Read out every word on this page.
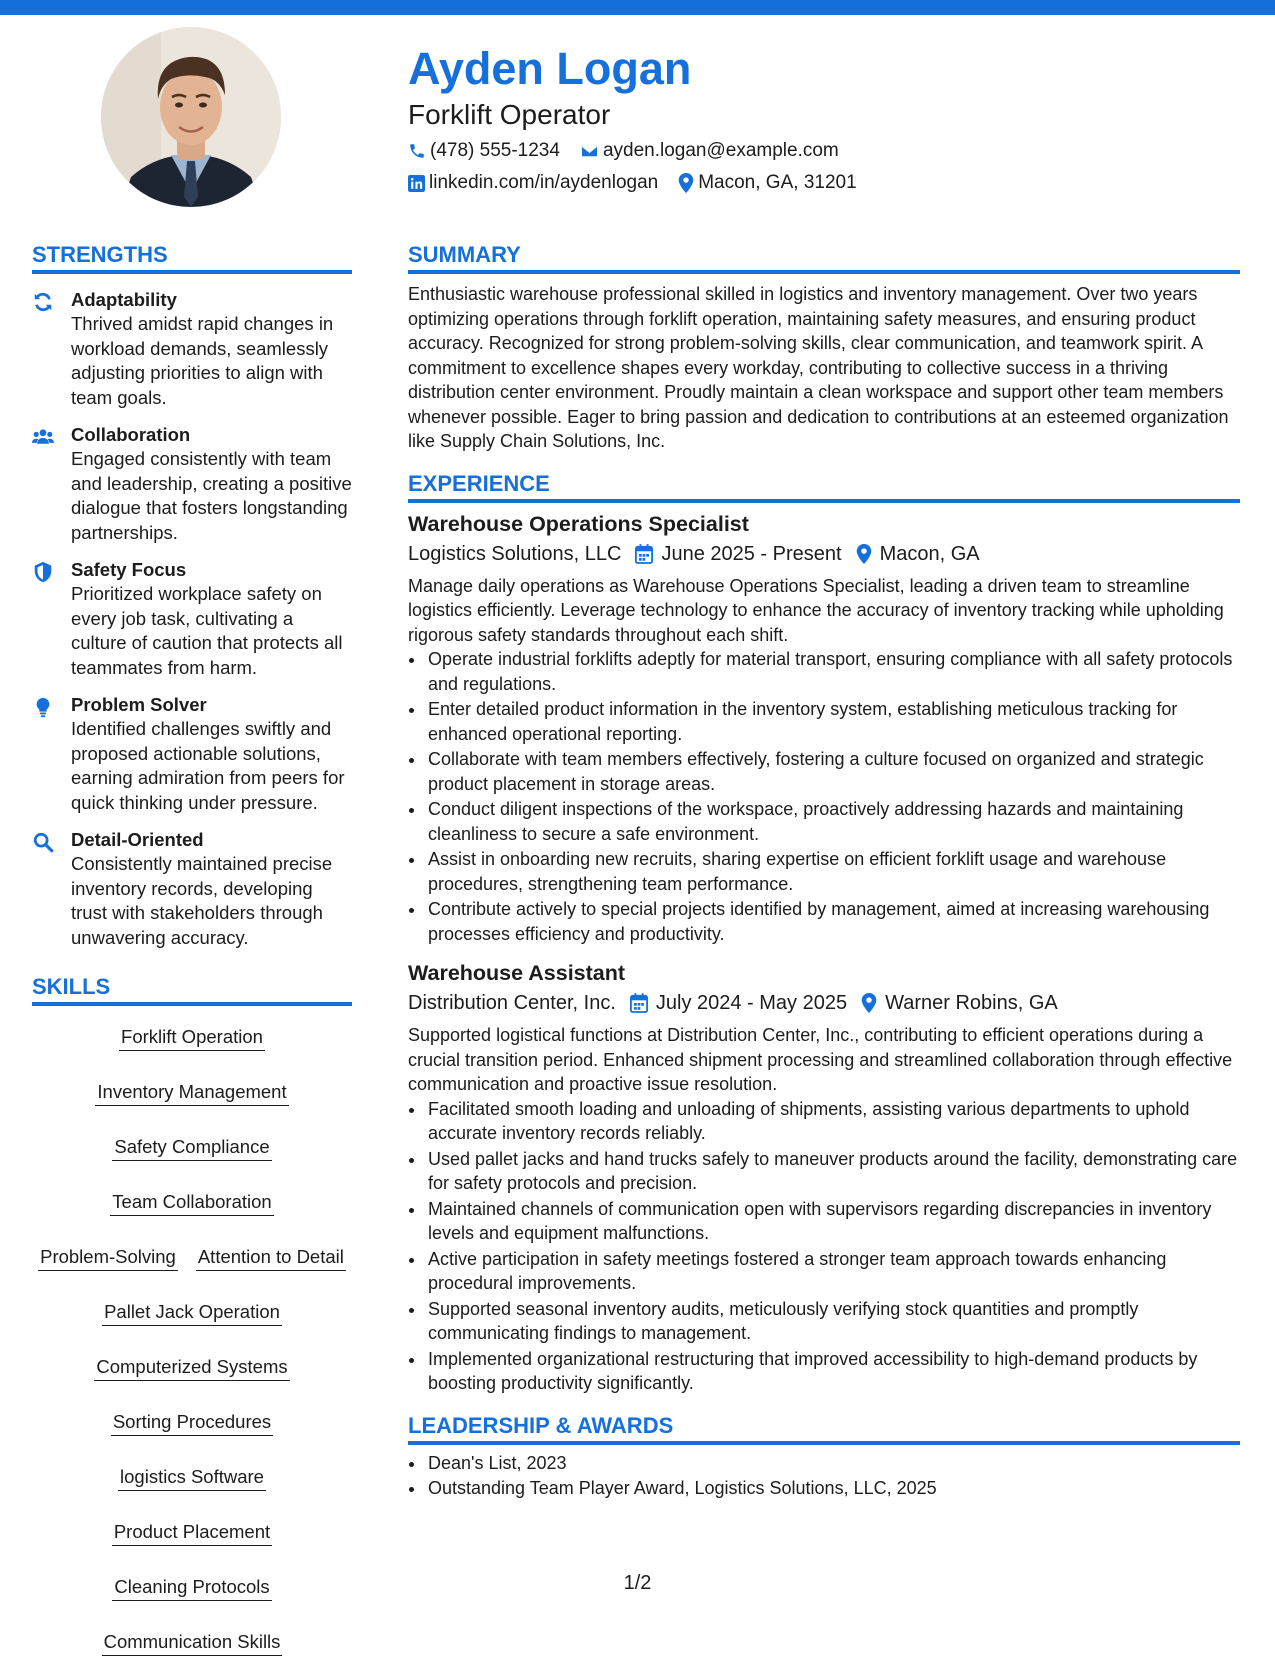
Ayden Logan
Forklift Operator
(478) 555-1234 ayden.logan@example.com
linkedin.com/in/aydenlogan Macon, GA, 31201
STRENGTHS
Adaptability
Thrived amidst rapid changes in workload demands, seamlessly adjusting priorities to align with team goals.
Collaboration
Engaged consistently with team and leadership, creating a positive dialogue that fosters longstanding partnerships.
Safety Focus
Prioritized workplace safety on every job task, cultivating a culture of caution that protects all teammates from harm.
Problem Solver
Identified challenges swiftly and proposed actionable solutions, earning admiration from peers for quick thinking under pressure.
Detail-Oriented
Consistently maintained precise inventory records, developing trust with stakeholders through unwavering accuracy.
SKILLS
Forklift Operation
Inventory Management
Safety Compliance
Team Collaboration
Problem-Solving Attention to Detail
Pallet Jack Operation
Computerized Systems
Sorting Procedures
logistics Software
Product Placement
Cleaning Protocols
Communication Skills
SUMMARY

Enthusiastic warehouse professional skilled in logistics and inventory management. Over two years optimizing operations through forklift operation, maintaining safety measures, and ensuring product accuracy. Recognized for strong problem-solving skills, clear communication, and teamwork spirit. A commitment to excellence shapes every workday, contributing to collective success in a thriving distribution center environment. Proudly maintain a clean workspace and support other team members whenever possible. Eager to bring passion and dedication to contributions at an esteemed organization like Supply Chain Solutions, Inc.

EXPERIENCE
Warehouse Operations Specialist
Logistics Solutions, LLC June 2025 - Present Macon, GA

Manage daily operations as Warehouse Operations Specialist, leading a driven team to streamline logistics efficiently. Leverage technology to enhance the accuracy of inventory tracking while upholding rigorous safety standards throughout each shift.

• Operate industrial forklifts adeptly for material transport, ensuring compliance with all safety protocols and regulations.
• Enter detailed product information in the inventory system, establishing meticulous tracking for enhanced operational reporting.
• Collaborate with team members effectively, fostering a culture focused on organized and strategic product placement in storage areas.
• Conduct diligent inspections of the workspace, proactively addressing hazards and maintaining cleanliness to secure a safe environment.
• Assist in onboarding new recruits, sharing expertise on efficient forklift usage and warehouse procedures, strengthening team performance.
• Contribute actively to special projects identified by management, aimed at increasing warehousing processes efficiency and productivity.
Warehouse Assistant
Distribution Center, Inc. July 2024 - May 2025 Warner Robins, GA

Supported logistical functions at Distribution Center, Inc., contributing to efficient operations during a crucial transition period. Enhanced shipment processing and streamlined collaboration through effective communication and proactive issue resolution.

• Facilitated smooth loading and unloading of shipments, assisting various departments to uphold accurate inventory records reliably.
• Used pallet jacks and hand trucks safely to maneuver products around the facility, demonstrating care for safety protocols and precision.
• Maintained channels of communication open with supervisors regarding discrepancies in inventory levels and equipment malfunctions.
• Active participation in safety meetings fostered a stronger team approach towards enhancing procedural improvements.
• Supported seasonal inventory audits, meticulously verifying stock quantities and promptly communicating findings to management.
• Implemented organizational restructuring that improved accessibility to high-demand products by boosting productivity significantly.
LEADERSHIP & AWARDS
• Dean's List, 2023
• Outstanding Team Player Award, Logistics Solutions, LLC, 2025
1/2
